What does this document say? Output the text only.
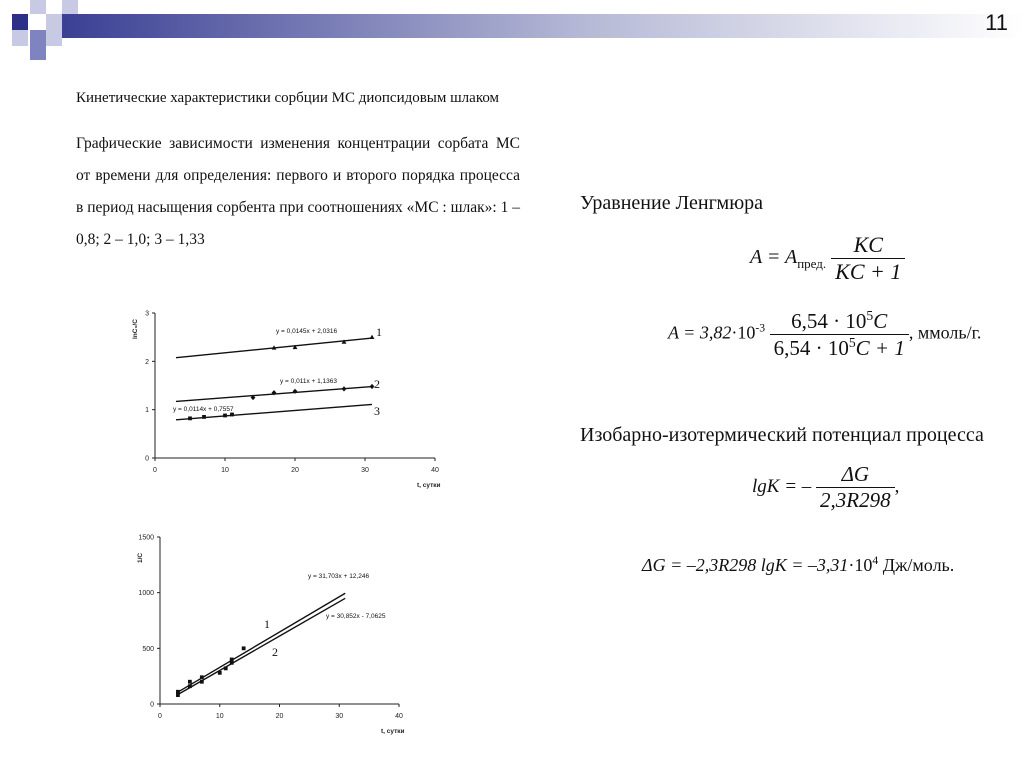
11
Кинетические характеристики сорбции МС диопсидовым шлаком
Графические зависимости изменения концентрации сорбата МС от времени для определения: первого и второго порядка процесса в период насыщения сорбента при соотношениях «МС : шлак»: 1 – 0,8; 2 – 1,0; 3 – 1,33
Уравнение Ленгмюра
$A = A_{пред.} \frac{KC}{KC + 1}$
$A = 3,82\cdot 10^{-3} \frac{6,54 \cdot 10^5C}{6,54 \cdot 10^5C + 1}$ , ммоль/г.
Изобарно-изотермический потенциал процесса
lgK = – $\frac{\Delta G}{2,3R298}$ ,
ΔG = –2,3R298 $\lg K = -3,31\cdot 10^4$ Дж/моль.
0	10	20	30	40
0
1
2
3
t, сутки
lnC₀/C	1
y = 0,0145x + 2,0316
2
y = 0,011x + 1,1363
3
y = 0,0114x + 0,7557
0	10	20	30	40
0
500
1000
1500
t, сутки
1/C
1
y = 31,703x + 12,246
2
y = 30,852x - 7,0625
